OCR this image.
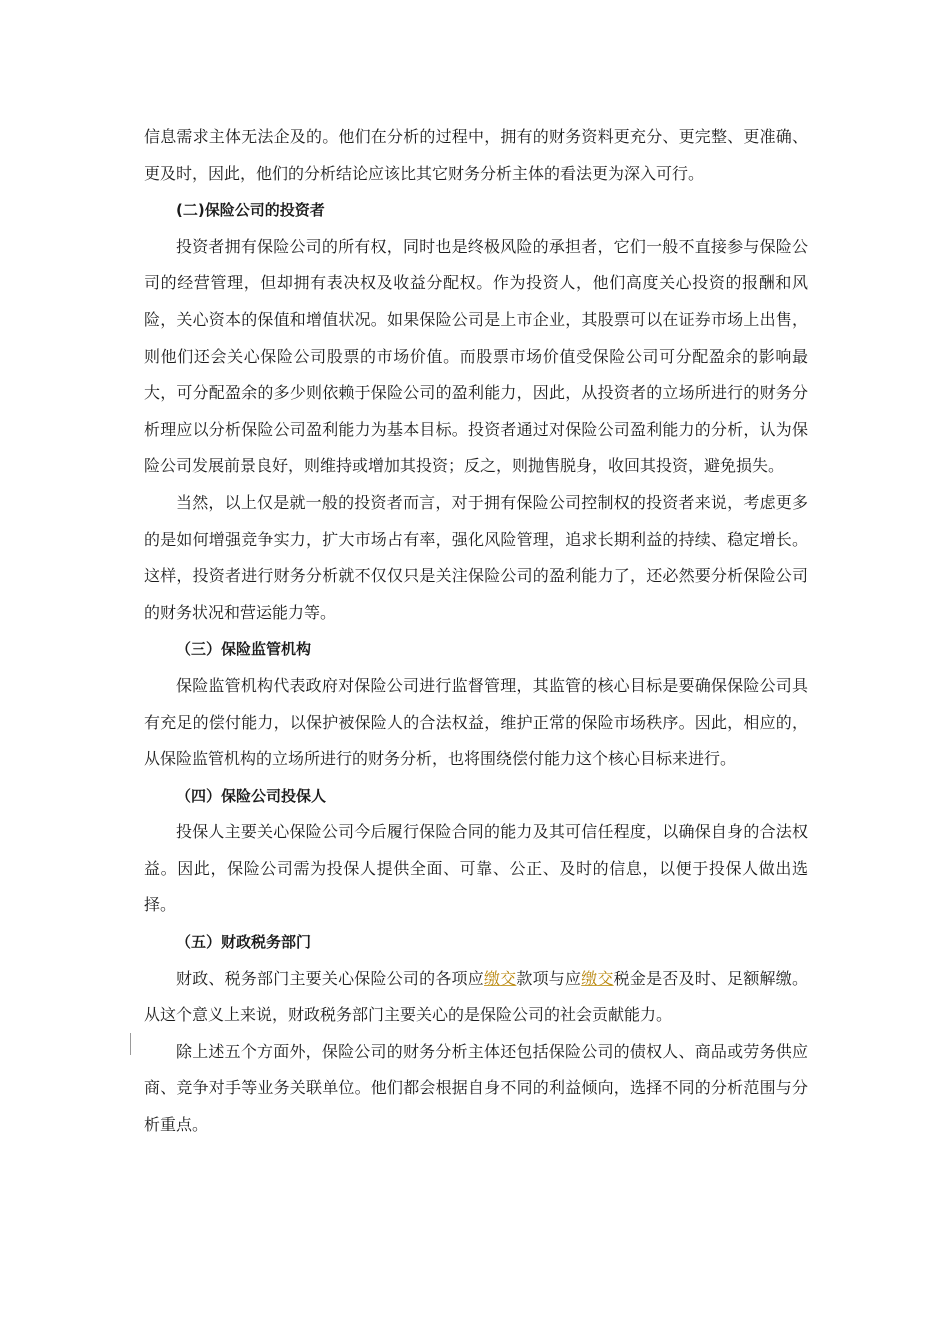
信息需求主体无法企及的。他们在分析的过程中，拥有的财务资料更充分、更完整、更准确、更及时，因此，他们的分析结论应该比其它财务分析主体的看法更为深入可行。

(二)保险公司的投资者

投资者拥有保险公司的所有权，同时也是终极风险的承担者，它们一般不直接参与保险公司的经营管理，但却拥有表决权及收益分配权。作为投资人，他们高度关心投资的报酬和风险，关心资本的保值和增值状况。如果保险公司是上市企业，其股票可以在证券市场上出售，则他们还会关心保险公司股票的市场价值。而股票市场价值受保险公司可分配盈余的影响最大，可分配盈余的多少则依赖于保险公司的盈利能力，因此，从投资者的立场所进行的财务分析理应以分析保险公司盈利能力为基本目标。投资者通过对保险公司盈利能力的分析，认为保险公司发展前景良好，则维持或增加其投资；反之，则抛售脱身，收回其投资，避免损失。

当然，以上仅是就一般的投资者而言，对于拥有保险公司控制权的投资者来说，考虑更多的是如何增强竞争实力，扩大市场占有率，强化风险管理，追求长期利益的持续、稳定增长。这样，投资者进行财务分析就不仅仅只是关注保险公司的盈利能力了，还必然要分析保险公司的财务状况和营运能力等。

（三）保险监管机构

保险监管机构代表政府对保险公司进行监督管理，其监管的核心目标是要确保保险公司具有充足的偿付能力，以保护被保险人的合法权益，维护正常的保险市场秩序。因此，相应的，从保险监管机构的立场所进行的财务分析，也将围绕偿付能力这个核心目标来进行。

（四）保险公司投保人

投保人主要关心保险公司今后履行保险合同的能力及其可信任程度，以确保自身的合法权益。因此，保险公司需为投保人提供全面、可靠、公正、及时的信息，以便于投保人做出选择。

（五）财政税务部门

财政、税务部门主要关心保险公司的各项应缴交款项与应缴交税金是否及时、足额解缴。从这个意义上来说，财政税务部门主要关心的是保险公司的社会贡献能力。

除上述五个方面外，保险公司的财务分析主体还包括保险公司的债权人、商品或劳务供应商、竞争对手等业务关联单位。他们都会根据自身不同的利益倾向，选择不同的分析范围与分析重点。
